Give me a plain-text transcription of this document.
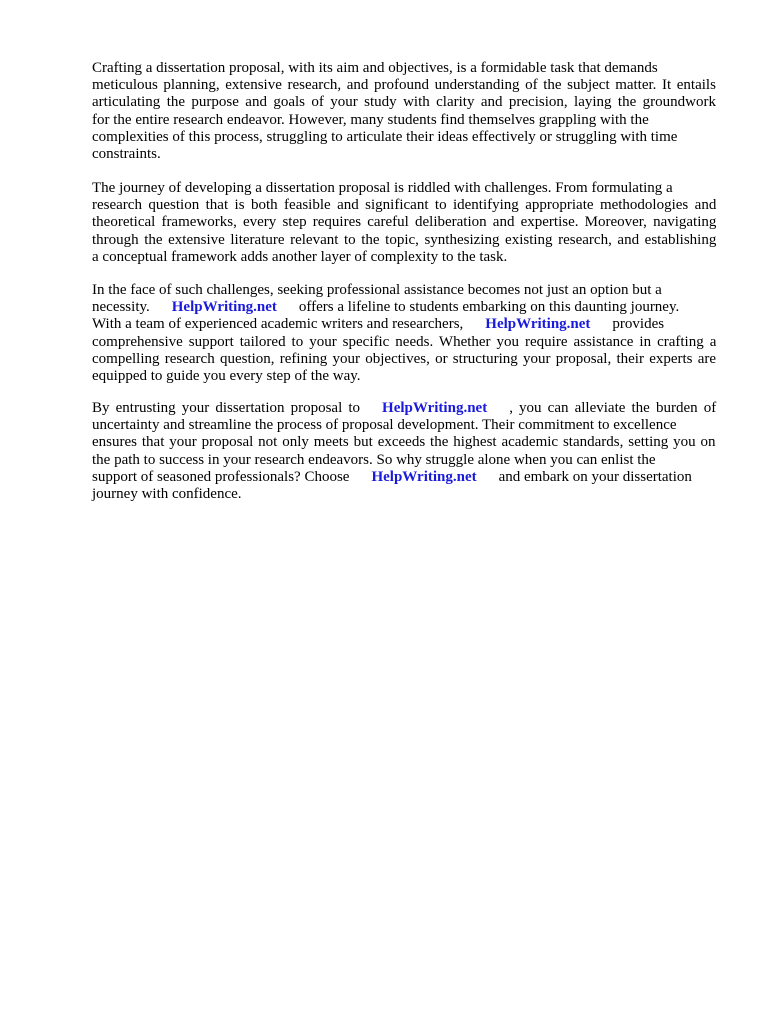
Crafting a dissertation proposal, with its aim and objectives, is a formidable task that demands
meticulous planning, extensive research, and profound understanding of the subject matter. It entails
articulating the purpose and goals of your study with clarity and precision, laying the groundwork
for the entire research endeavor. However, many students find themselves grappling with the
complexities of this process, struggling to articulate their ideas effectively or struggling with time
constraints.
The journey of developing a dissertation proposal is riddled with challenges. From formulating a
research question that is both feasible and significant to identifying appropriate methodologies and
theoretical frameworks, every step requires careful deliberation and expertise. Moreover, navigating
through the extensive literature relevant to the topic, synthesizing existing research, and establishing
a conceptual framework adds another layer of complexity to the task.
In the face of such challenges, seeking professional assistance becomes not just an option but a
necessity. HelpWriting.net offers a lifeline to students embarking on this daunting journey.
With a team of experienced academic writers and researchers, HelpWriting.net provides
comprehensive support tailored to your specific needs. Whether you require assistance in crafting a
compelling research question, refining your objectives, or structuring your proposal, their experts are
equipped to guide you every step of the way.
By entrusting your dissertation proposal to HelpWriting.net , you can alleviate the burden of
uncertainty and streamline the process of proposal development. Their commitment to excellence
ensures that your proposal not only meets but exceeds the highest academic standards, setting you on
the path to success in your research endeavors. So why struggle alone when you can enlist the
support of seasoned professionals? Choose HelpWriting.net and embark on your dissertation
journey with confidence.
